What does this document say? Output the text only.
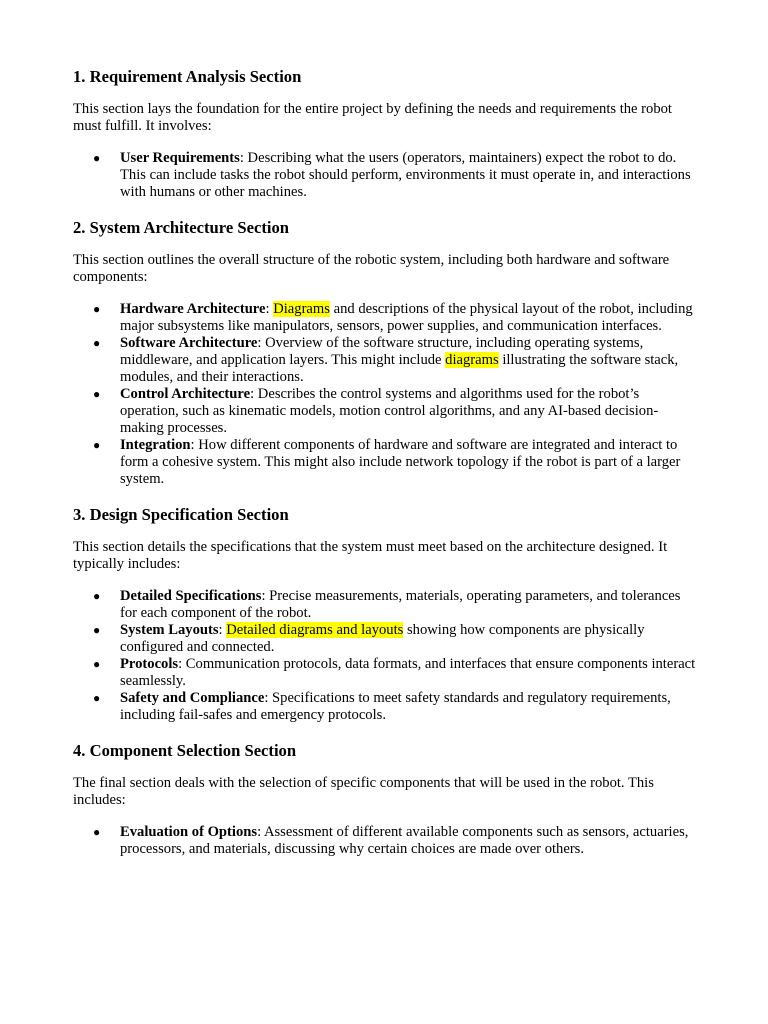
1. Requirement Analysis Section

This section lays the foundation for the entire project by defining the needs and requirements the robot must fulfill. It involves:

● User Requirements: Describing what the users (operators, maintainers) expect the robot to do. This can include tasks the robot should perform, environments it must operate in, and interactions with humans or other machines.
2. System Architecture Section

This section outlines the overall structure of the robotic system, including both hardware and software components:

● Hardware Architecture: Diagrams and descriptions of the physical layout of the robot, including major subsystems like manipulators, sensors, power supplies, and communication interfaces.
● Software Architecture: Overview of the software structure, including operating systems, middleware, and application layers. This might include diagrams illustrating the software stack, modules, and their interactions.
● Control Architecture: Describes the control systems and algorithms used for the robot’s operation, such as kinematic models, motion control algorithms, and any AI-based decision-making processes.
● Integration: How different components of hardware and software are integrated and interact to form a cohesive system. This might also include network topology if the robot is part of a larger system.
3. Design Specification Section

This section details the specifications that the system must meet based on the architecture designed. It typically includes:

● Detailed Specifications: Precise measurements, materials, operating parameters, and tolerances for each component of the robot.
● System Layouts: Detailed diagrams and layouts showing how components are physically configured and connected.
● Protocols: Communication protocols, data formats, and interfaces that ensure components interact seamlessly.
● Safety and Compliance: Specifications to meet safety standards and regulatory requirements, including fail-safes and emergency protocols.
4. Component Selection Section

The final section deals with the selection of specific components that will be used in the robot. This includes:

● Evaluation of Options: Assessment of different available components such as sensors, actuaries, processors, and materials, discussing why certain choices are made over others.
